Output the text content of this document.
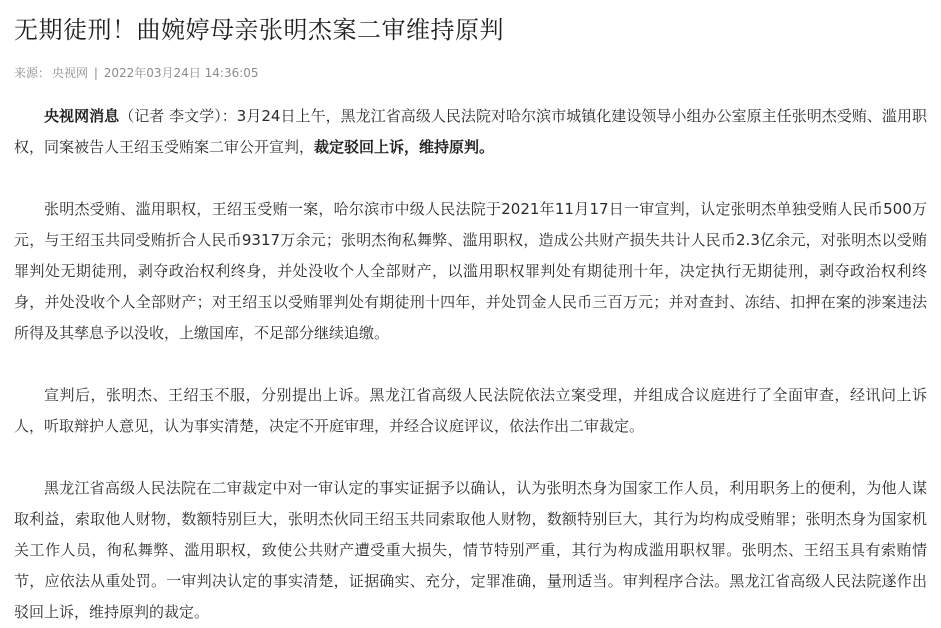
无期徒刑！曲婉婷母亲张明杰案二审维持原判
来源： 央视网 | 2022年03月24日 14:36:05

央视网消息（记者 李文学）：3月24日上午，黑龙江省高级人民法院对哈尔滨市城镇化建设领导小组办公室原主任张明杰受贿、滥用职权，同案被告人王绍玉受贿案二审公开宣判，裁定驳回上诉，维持原判。

张明杰受贿、滥用职权，王绍玉受贿一案，哈尔滨市中级人民法院于2021年11月17日一审宣判，认定张明杰单独受贿人民币500万元，与王绍玉共同受贿折合人民币9317万余元；张明杰徇私舞弊、滥用职权，造成公共财产损失共计人民币2.3亿余元，对张明杰以受贿罪判处无期徒刑，剥夺政治权利终身，并处没收个人全部财产，以滥用职权罪判处有期徒刑十年，决定执行无期徒刑，剥夺政治权利终身，并处没收个人全部财产；对王绍玉以受贿罪判处有期徒刑十四年，并处罚金人民币三百万元；并对查封、冻结、扣押在案的涉案违法所得及其孳息予以没收，上缴国库，不足部分继续追缴。

宣判后，张明杰、王绍玉不服，分别提出上诉。黑龙江省高级人民法院依法立案受理，并组成合议庭进行了全面审查，经讯问上诉人，听取辩护人意见，认为事实清楚，决定不开庭审理，并经合议庭评议，依法作出二审裁定。

黑龙江省高级人民法院在二审裁定中对一审认定的事实证据予以确认，认为张明杰身为国家工作人员，利用职务上的便利，为他人谋取利益，索取他人财物，数额特别巨大，张明杰伙同王绍玉共同索取他人财物，数额特别巨大，其行为均构成受贿罪；张明杰身为国家机关工作人员，徇私舞弊、滥用职权，致使公共财产遭受重大损失，情节特别严重，其行为构成滥用职权罪。张明杰、王绍玉具有索贿情节，应依法从重处罚。一审判决认定的事实清楚，证据确实、充分，定罪准确，量刑适当。审判程序合法。黑龙江省高级人民法院遂作出驳回上诉，维持原判的裁定。
